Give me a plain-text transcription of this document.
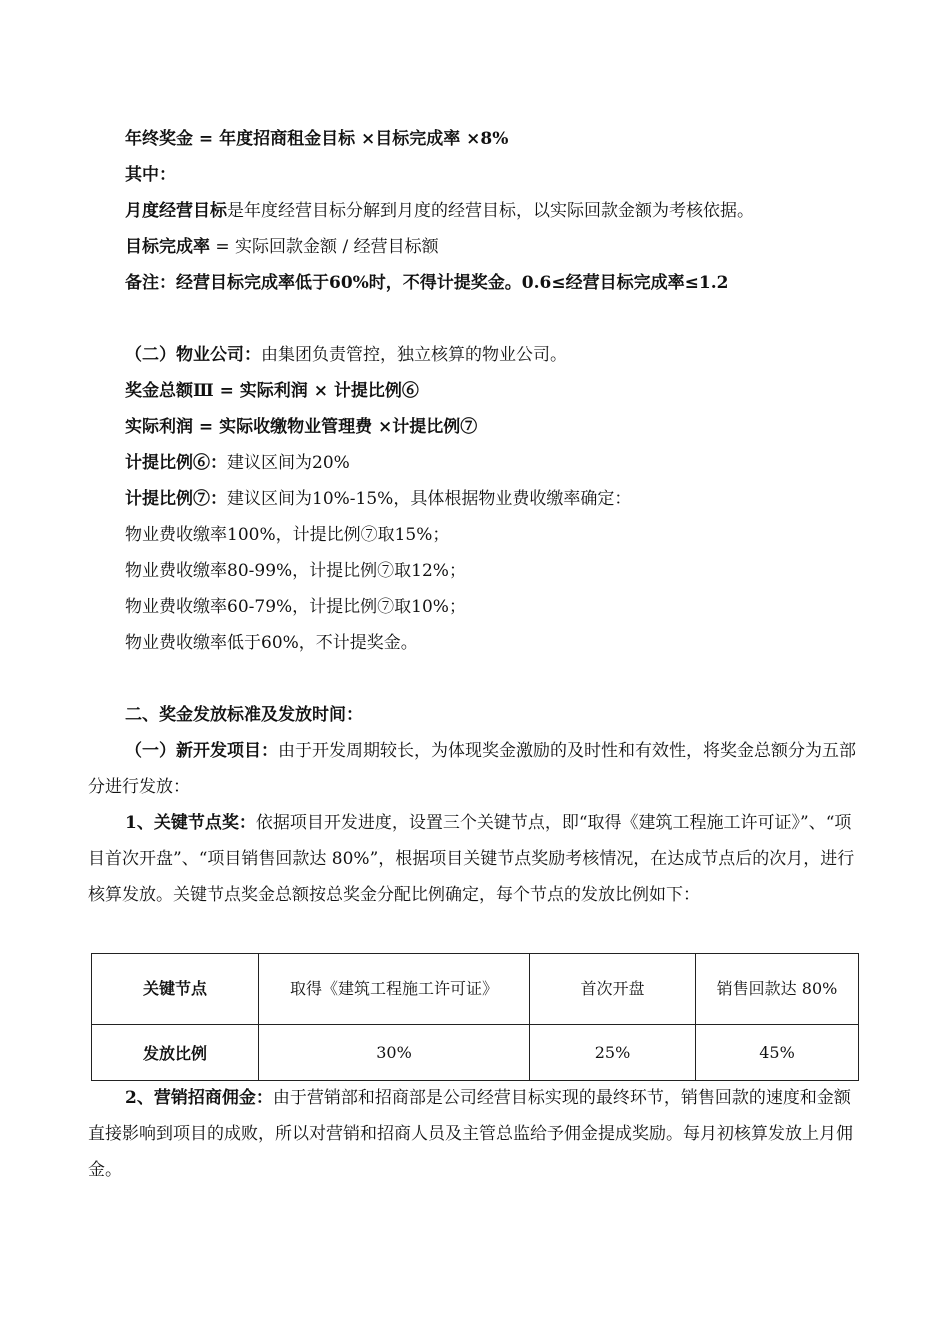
年终奖金 = 年度招商租金目标 ×目标完成率 ×8%
其中：
月度经营目标是年度经营目标分解到月度的经营目标，以实际回款金额为考核依据。
目标完成率 = 实际回款金额 / 经营目标额
备注：经营目标完成率低于60%时，不得计提奖金。0.6≤经营目标完成率≤1.2
（二）物业公司：由集团负责管控，独立核算的物业公司。
奖金总额Ⅲ = 实际利润 × 计提比例⑥
实际利润 = 实际收缴物业管理费 ×计提比例⑦
计提比例⑥：建议区间为20%
计提比例⑦：建议区间为10%-15%，具体根据物业费收缴率确定：
物业费收缴率100%，计提比例⑦取15%；
物业费收缴率80-99%，计提比例⑦取12%；
物业费收缴率60-79%，计提比例⑦取10%；
物业费收缴率低于60%，不计提奖金。
二、奖金发放标准及发放时间：
（一）新开发项目：由于开发周期较长，为体现奖金激励的及时性和有效性，将奖金总额分为五部分进行发放：
1、关键节点奖：依据项目开发进度，设置三个关键节点，即“取得《建筑工程施工许可证》”、“项目首次开盘”、“项目销售回款达 80%”，根据项目关键节点奖励考核情况，在达成节点后的次月，进行核算发放。关键节点奖金总额按总奖金分配比例确定，每个节点的发放比例如下：
关键节点	取得《建筑工程施工许可证》	首次开盘	销售回款达 80%
发放比例	30%	25%	45%
2、营销招商佣金：由于营销部和招商部是公司经营目标实现的最终环节，销售回款的速度和金额直接影响到项目的成败，所以对营销和招商人员及主管总监给予佣金提成奖励。每月初核算发放上月佣金。
